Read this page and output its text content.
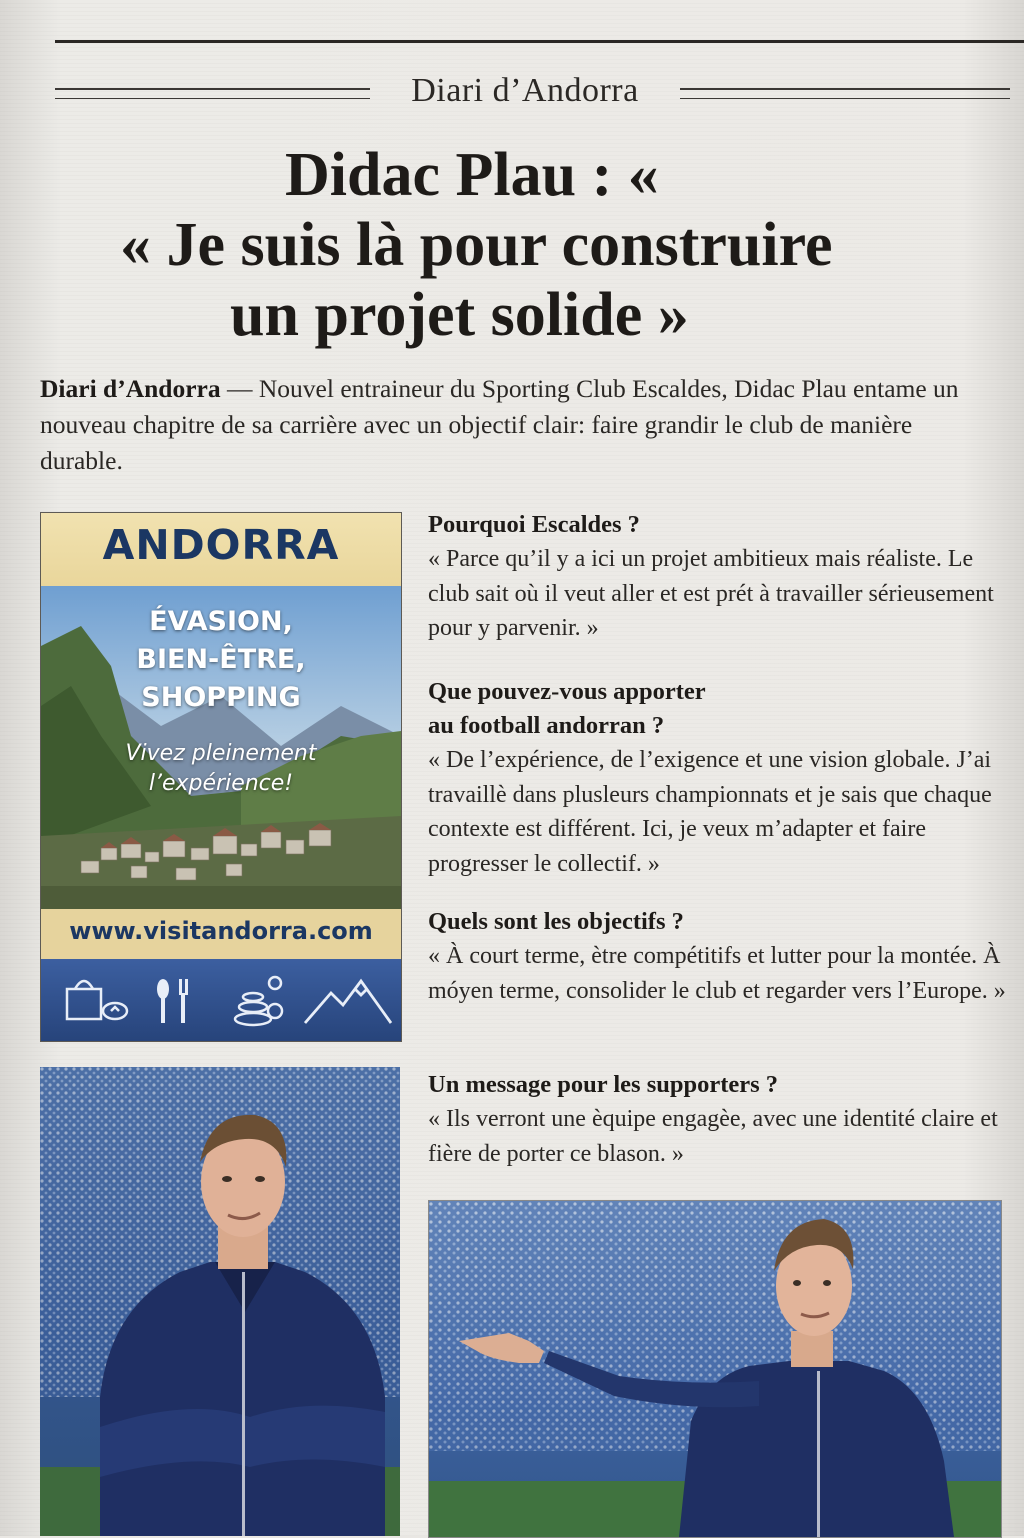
Diari d’Andorra
Didac Plau : «
« Je suis là pour construire
un projet solide »
Diari d’Andorra — Nouvel entraineur du Sporting Club Escaldes, Didac Plau entame un nouveau chapitre de sa carrière avec un objectif clair: faire grandir le club de manière durable.
ANDORRA
ÉVASION,
BIEN-ÊTRE,
SHOPPING
Vivez pleinement
l’expérience!
www.visitandorra.com
Pourquoi Escaldes ?
« Parce qu’il y a ici un projet ambitieux mais réaliste. Le club sait où il veut aller et est prét à travailler sérieusement pour y parvenir. »
Que pouvez-vous apporter
au football andorran ?
« De l’expérience, de l’exigence et une vision globale. J’ai travaillè dans plusleurs championnats et je sais que chaque contexte est différent. Ici, je veux m’adapter et faire progresser le collectif. »
Quels sont les objectifs ?
« À court terme, ètre compétitifs et lutter pour la montée. À móyen terme, consolider le club et regarder vers l’Europe. »
Un message pour les supporters ?
« Ils verront une èquipe engagèe, avec une identité claire et fière de porter ce blason. »
